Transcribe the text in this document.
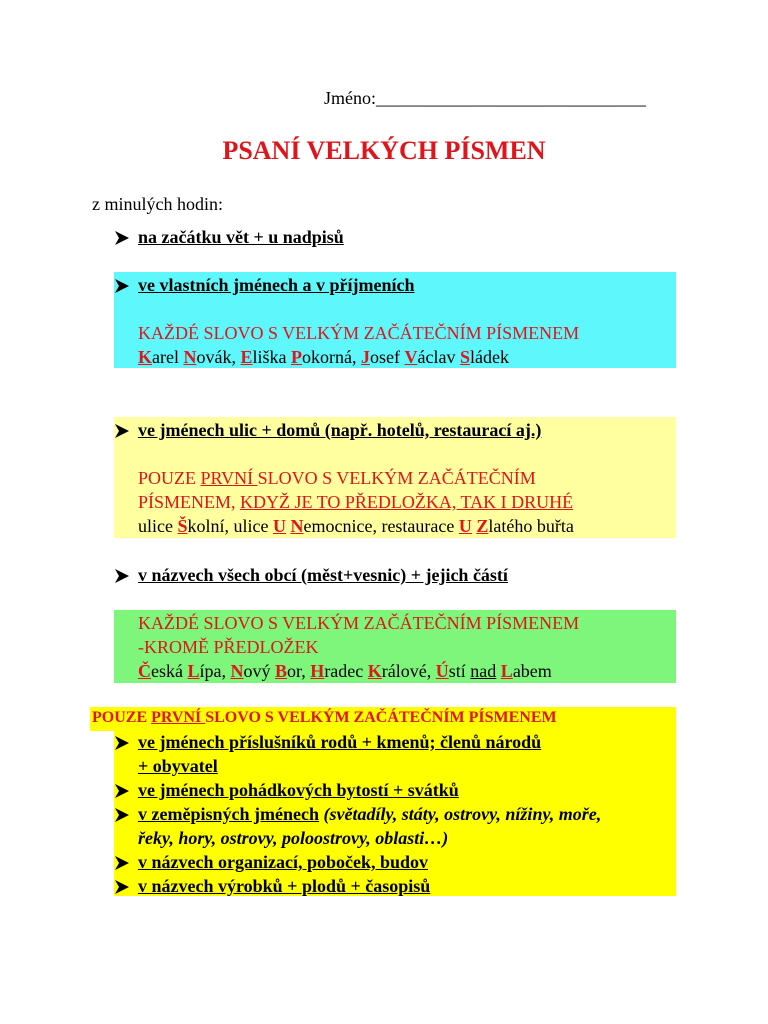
Jméno:______________________________
PSANÍ VELKÝCH PÍSMEN
z minulých hodin:
na začátku vět + u nadpisů
ve vlastních jménech a v příjmeních
KAŽDÉ SLOVO S VELKÝM ZAČÁTEČNÍM PÍSMENEM
Karel Novák, Eliška Pokorná, Josef Václav Sládek
ve jménech ulic + domů (např. hotelů, restaurací aj.)
POUZE PRVNÍ SLOVO S VELKÝM ZAČÁTEČNÍM
PÍSMENEM, KDYŽ JE TO PŘEDLOŽKA, TAK I DRUHÉ
ulice Školní, ulice U Nemocnice, restaurace U Zlatého buřta
v názvech všech obcí (měst+vesnic) + jejich částí
KAŽDÉ SLOVO S VELKÝM ZAČÁTEČNÍM PÍSMENEM
-KROMĚ PŘEDLOŽEK
Česká Lípa, Nový Bor, Hradec Králové, Ústí nad Labem
POUZE PRVNÍ SLOVO S VELKÝM ZAČÁTEČNÍM PÍSMENEM
ve jménech příslušníků rodů + kmenů; členů národů
+ obyvatel
ve jménech pohádkových bytostí + svátků
v zeměpisných jménech (světadíly, státy, ostrovy, nížiny, moře,
řeky, hory, ostrovy, poloostrovy, oblasti…)
v názvech organizací, poboček, budov
v názvech výrobků + plodů + časopisů
